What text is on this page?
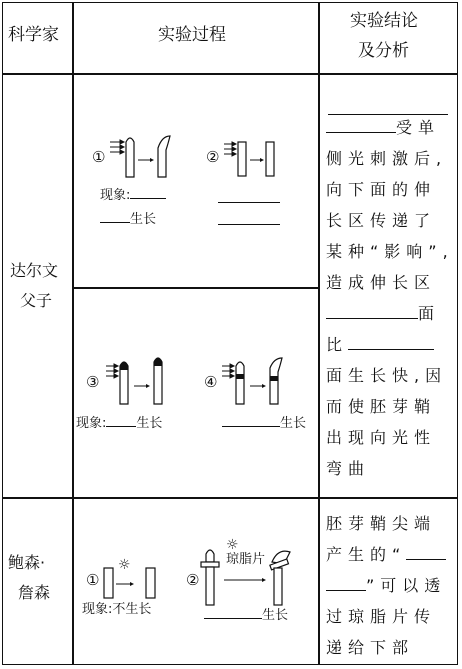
科学家	实验过程
实验结论
及分析
达尔文
父子
①
现象:
生长
②
③
现象: 生长
④
生长
受单
侧光刺激后,
向下面的伸
长区传递了
某种“影响”,
造成伸长区
面
比
面生长快,因
而使胚芽鞘
出现向光性
弯曲
鲍森·
詹森
①
☼
现象:不生长
②
☼
琼脂片
生长
胚芽鞘尖端
产生的“
”可以透
过琼脂片传
递给下部
